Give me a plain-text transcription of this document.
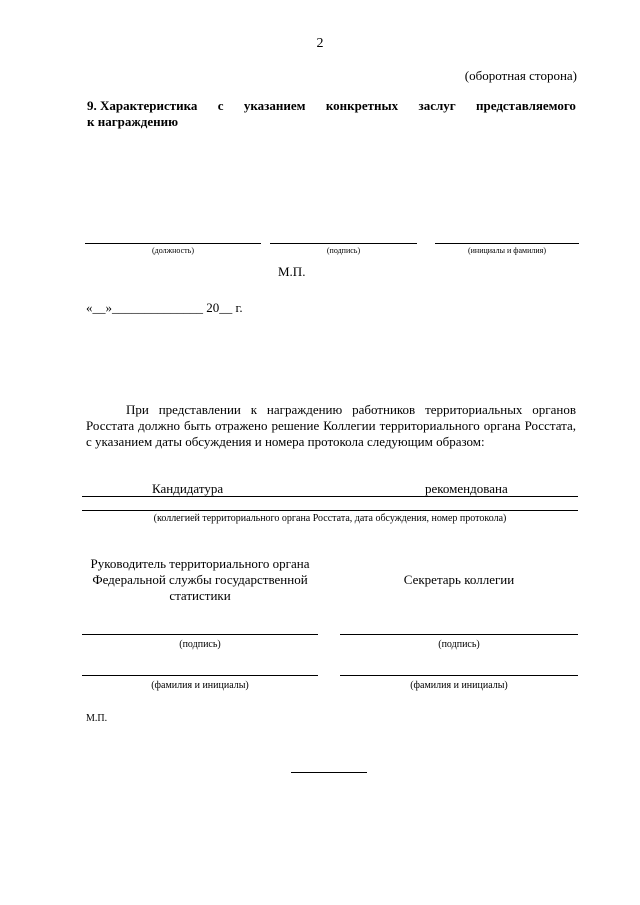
2
(оборотная сторона)
9. Характеристика с указанием конкретных заслуг представляемого
к награждению
(должность)	(подпись)	(инициалы и фамилия)
М.П.
«__»______________ 20__ г.
При представлении к награждению работников территориальных органов Росстата должно быть отражено решение Коллегии территориального органа Росстата, с указанием даты обсуждения и номера протокола следующим образом:
Кандидатура	рекомендована
(коллегией территориального органа Росстата, дата обсуждения, номер протокола)
Руководитель территориального органа Федеральной службы государственной статистики
Секретарь коллегии
(подпись)	(подпись)
(фамилия и инициалы)	(фамилия и инициалы)
М.П.
